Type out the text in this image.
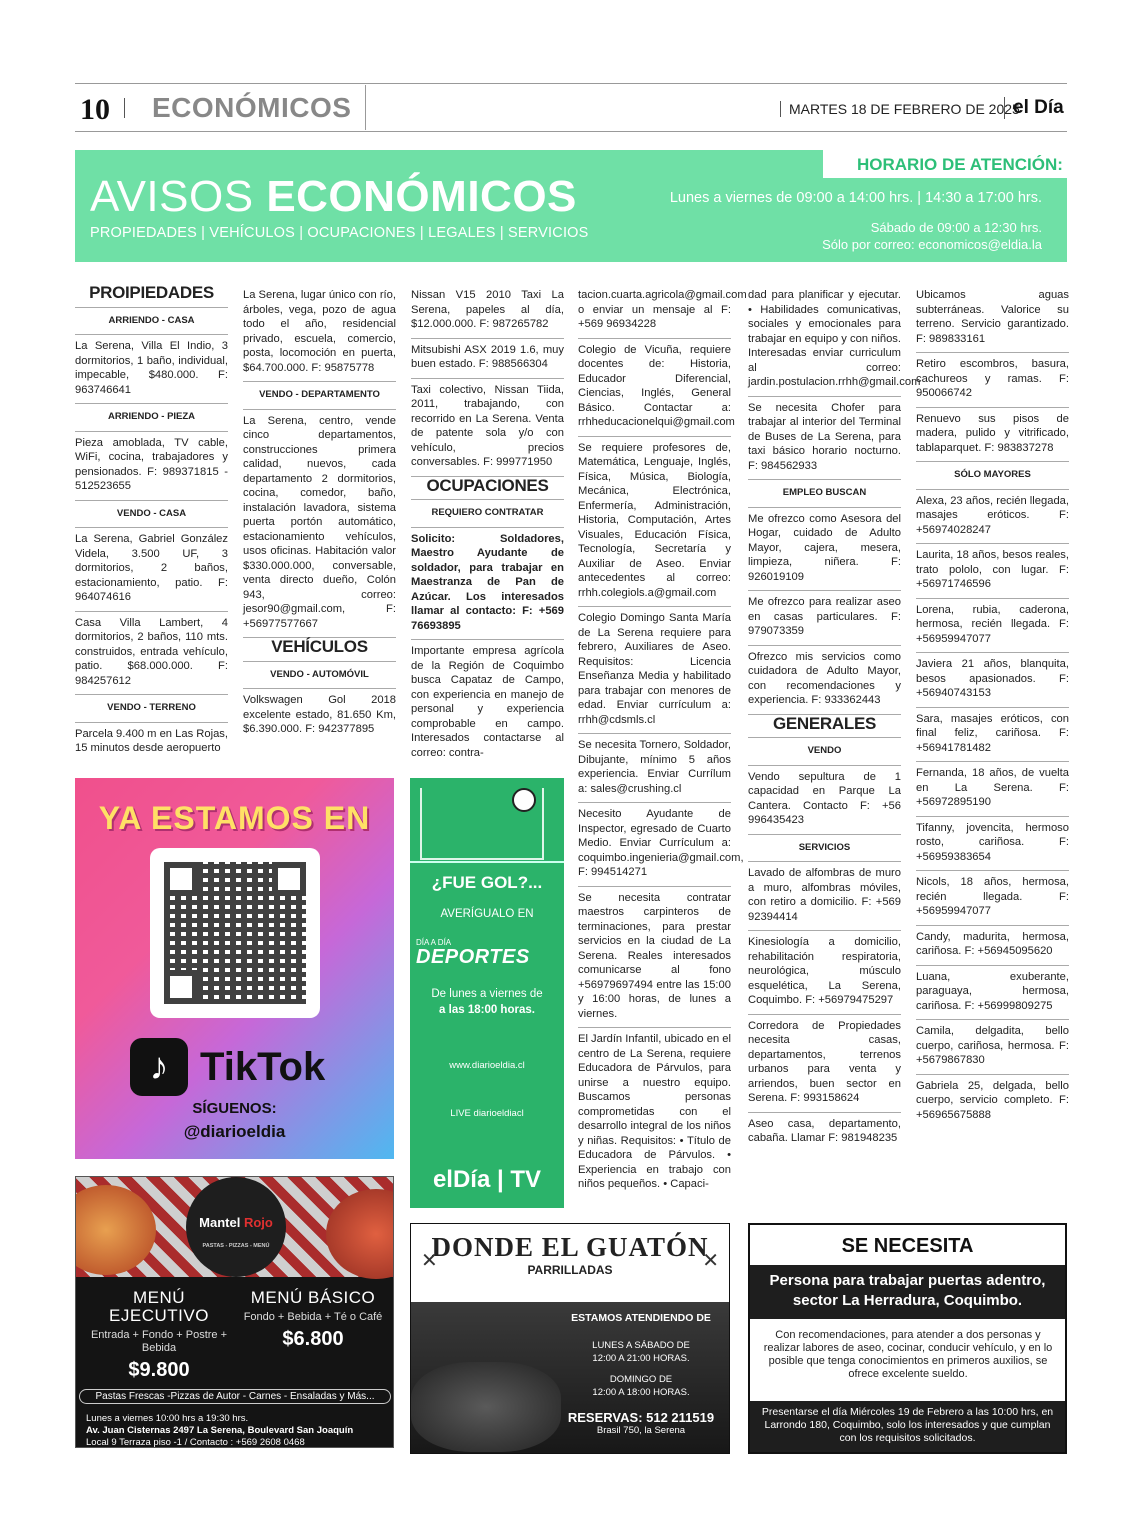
10 ECONÓMICOS	MARTES 18 DE FEBRERO DE 2025
el Día
AVISOS ECONÓMICOS
PROPIEDADES | VEHÍCULOS | OCUPACIONES | LEGALES | SERVICIOS
HORARIO DE ATENCIÓN:
Lunes a viernes de 09:00 a 14:00 hrs. | 14:30 a 17:00 hrs.
Sábado de 09:00 a 12:30 hrs.
Sólo por correo: economicos@eldia.la
PROIPIEDADES
ARRIENDO - CASA

La Serena, Villa El Indio, 3 dormitorios, 1 baño, individual, impecable, $480.000. F: 963746641

ARRIENDO - PIEZA

Pieza amoblada, TV cable, WiFi, cocina, trabajadores y pensionados. F: 989371815 - 512523655

VENDO - CASA

La Serena, Gabriel González Videla, 3.500 UF, 3 dormitorios, 2 baños, estacionamiento, patio. F: 964074616

Casa Villa Lambert, 4 dormitorios, 2 baños, 110 mts. construidos, entrada vehículo, patio. $68.000.000. F: 984257612

VENDO - TERRENO

Parcela 9.400 m en Las Rojas, 15 minutos desde aeropuerto

La Serena, lugar único con río, árboles, vega, pozo de agua todo el año, residencial privado, escuela, comercio, posta, locomoción en puerta, $64.700.000. F: 95875778

VENDO - DEPARTAMENTO

La Serena, centro, vende cinco departamentos, construcciones primera calidad, nuevos, cada departamento 2 dormitorios, cocina, comedor, baño, instalación lavadora, sistema puerta portón automático, estacionamiento vehículos, usos oficinas. Habitación valor $330.000.000, conversable, venta directo dueño, Colón 943, correo: jesor90@gmail.com, F: +56977577667

VEHÍCULOS
VENDO - AUTOMÓVIL

Volkswagen Gol 2018 excelente estado, 81.650 Km, $6.390.000. F: 942377895

Nissan V15 2010 Taxi La Serena, papeles al día, $12.000.000. F: 987265782

Mitsubishi ASX 2019 1.6, muy buen estado. F: 988566304

Taxi colectivo, Nissan Tiida, 2011, trabajando, con recorrido en La Serena. Venta de patente sola y/o con vehículo, precios conversables. F: 999771950

OCUPACIONES
REQUIERO CONTRATAR

Solicito: Soldadores, Maestro Ayudante de soldador, para trabajar en Maestranza de Pan de Azúcar. Los interesados llamar al contacto: F: +569 76693895

Importante empresa agrícola de la Región de Coquimbo busca Capataz de Campo, con experiencia en manejo de personal y experiencia comprobable en campo. Interesados contactarse al correo: contra-

tacion.cuarta.agricola@gmail.com o enviar un mensaje al F: +569 96934228

Colegio de Vicuña, requiere docentes de: Historia, Educador Diferencial, Ciencias, Inglés, General Básico. Contactar a: rrhheducacionelqui@gmail.com

Se requiere profesores de, Matemática, Lenguaje, Inglés, Física, Música, Biología, Mecánica, Electrónica, Enfermería, Administración, Historia, Computación, Artes Visuales, Educación Física, Tecnología, Secretaría y Auxiliar de Aseo. Enviar antecedentes al correo: rrhh.colegiols.a@gmail.com

Colegio Domingo Santa María de La Serena requiere para febrero, Auxiliares de Aseo. Requisitos: Licencia Enseñanza Media y habilitado para trabajar con menores de edad. Enviar currículum a: rrhh@cdsmls.cl

Se necesita Tornero, Soldador, Dibujante, mínimo 5 años experiencia. Enviar Currílum a: sales@crushing.cl

Necesito Ayudante de Inspector, egresado de Cuarto Medio. Enviar Currículum a: coquimbo.ingenieria@gmail.com, F: 994514271

Se necesita contratar maestros carpinteros de terminaciones, para prestar servicios en la ciudad de La Serena. Reales interesados comunicarse al fono +56979697494 entre las 15:00 y 16:00 horas, de lunes a viernes.

El Jardín Infantil, ubicado en el centro de La Serena, requiere Educadora de Párvulos, para unirse a nuestro equipo. Buscamos personas comprometidas con el desarrollo integral de los niños y niñas. Requisitos: • Título de Educadora de Párvulos. • Experiencia en trabajo con niños pequeños. • Capaci-

dad para planificar y ejecutar. • Habilidades comunicativas, sociales y emocionales para trabajar en equipo y con niños. Interesadas enviar curriculum al correo: jardin.postulacion.rrhh@gmail.com

Se necesita Chofer para trabajar al interior del Terminal de Buses de La Serena, para taxi básico horario nocturno. F: 984562933

EMPLEO BUSCAN

Me ofrezco como Asesora del Hogar, cuidado de Adulto Mayor, cajera, mesera, limpieza, niñera. F: 926019109

Me ofrezco para realizar aseo en casas particulares. F: 979073359

Ofrezco mis servicios como cuidadora de Adulto Mayor, con recomendaciones y experiencia. F: 933362443

GENERALES
VENDO

Vendo sepultura de 1 capacidad en Parque La Cantera. Contacto F: +56 996435423

SERVICIOS

Lavado de alfombras de muro a muro, alfombras móviles, con retiro a domicilio. F: +569 92394414

Kinesiología a domicilio, rehabilitación respiratoria, neurológica, músculo esquelética, La Serena, Coquimbo. F: +56979475297

Corredora de Propiedades necesita casas, departamentos, terrenos urbanos para venta y arriendos, buen sector en Serena. F: 993158624

Aseo casa, departamento, cabaña. Llamar F: 981948235

Ubicamos aguas subterráneas. Valorice su terreno. Servicio garantizado. F: 989833161

Retiro escombros, basura, cachureos y ramas. F: 950066742

Renuevo sus pisos de madera, pulido y vitrificado, tablaparquet. F: 983837278

SÓLO MAYORES

Alexa, 23 años, recién llegada, masajes eróticos. F: +56974028247

Laurita, 18 años, besos reales, trato pololo, con lugar. F: +56971746596

Lorena, rubia, caderona, hermosa, recién llegada. F: +56959947077

Javiera 21 años, blanquita, besos apasionados. F: +56940743153

Sara, masajes eróticos, con final feliz, cariñosa. F: +56941781482

Fernanda, 18 años, de vuelta en La Serena. F: +56972895190

Tifanny, jovencita, hermoso rosto, cariñosa. F: +56959383654

Nicols, 18 años, hermosa, recién llegada. F: +56959947077

Candy, madurita, hermosa, cariñosa. F: +56945095620

Luana, exuberante, paraguaya, hermosa, cariñosa. F: +56999809275

Camila, delgadita, bello cuerpo, cariñosa, hermosa. F: +5679867830

Gabriela 25, delgada, bello cuerpo, servicio completo. F: +56965675888

YA ESTAMOS EN
♪ TikTok
SÍGUENOS:
@diarioeldia
¿FUE GOL?...
AVERÍGUALO EN
DÍA A DÍA
DEPORTES
De lunes a viernes de
a las 18:00 horas.
www.diarioeldia.cl
LIVE diarioeldiacl
elDía | TV
Mantel Rojo
PASTAS - PIZZAS - MENÚ
MENÚ EJECUTIVO
Entrada + Fondo + Postre + Bebida
$9.800
MENÚ BÁSICO
Fondo + Bebida + Té o Café
$6.800
Pastas Frescas -Pizzas de Autor - Carnes - Ensaladas y Más...
Lunes a viernes 10:00 hrs a 19:30 hrs.
Av. Juan Cisternas 2497 La Serena, Boulevard San Joaquín
Local 9 Terraza piso -1 / Contacto : +569 2608 0468
DONDE EL GUATÓN
PARRILLADAS
✕	✕
ESTAMOS ATENDIENDO DE
LUNES A SÁBADO DE
12:00 A 21:00 HORAS.
DOMINGO DE
12:00 A 18:00 HORAS.
RESERVAS: 512 211519
Brasil 750, la Serena
SE NECESITA
Persona para trabajar puertas adentro, sector La Herradura, Coquimbo.
Con recomendaciones, para atender a dos personas y realizar labores de aseo, cocinar, conducir vehículo, y en lo posible que tenga conocimientos en primeros auxilios, se ofrece excelente sueldo.
Presentarse el día Miércoles 19 de Febrero a las 10:00 hrs, en Larrondo 180, Coquimbo, solo los interesados y que cumplan con los requisitos solicitados.
